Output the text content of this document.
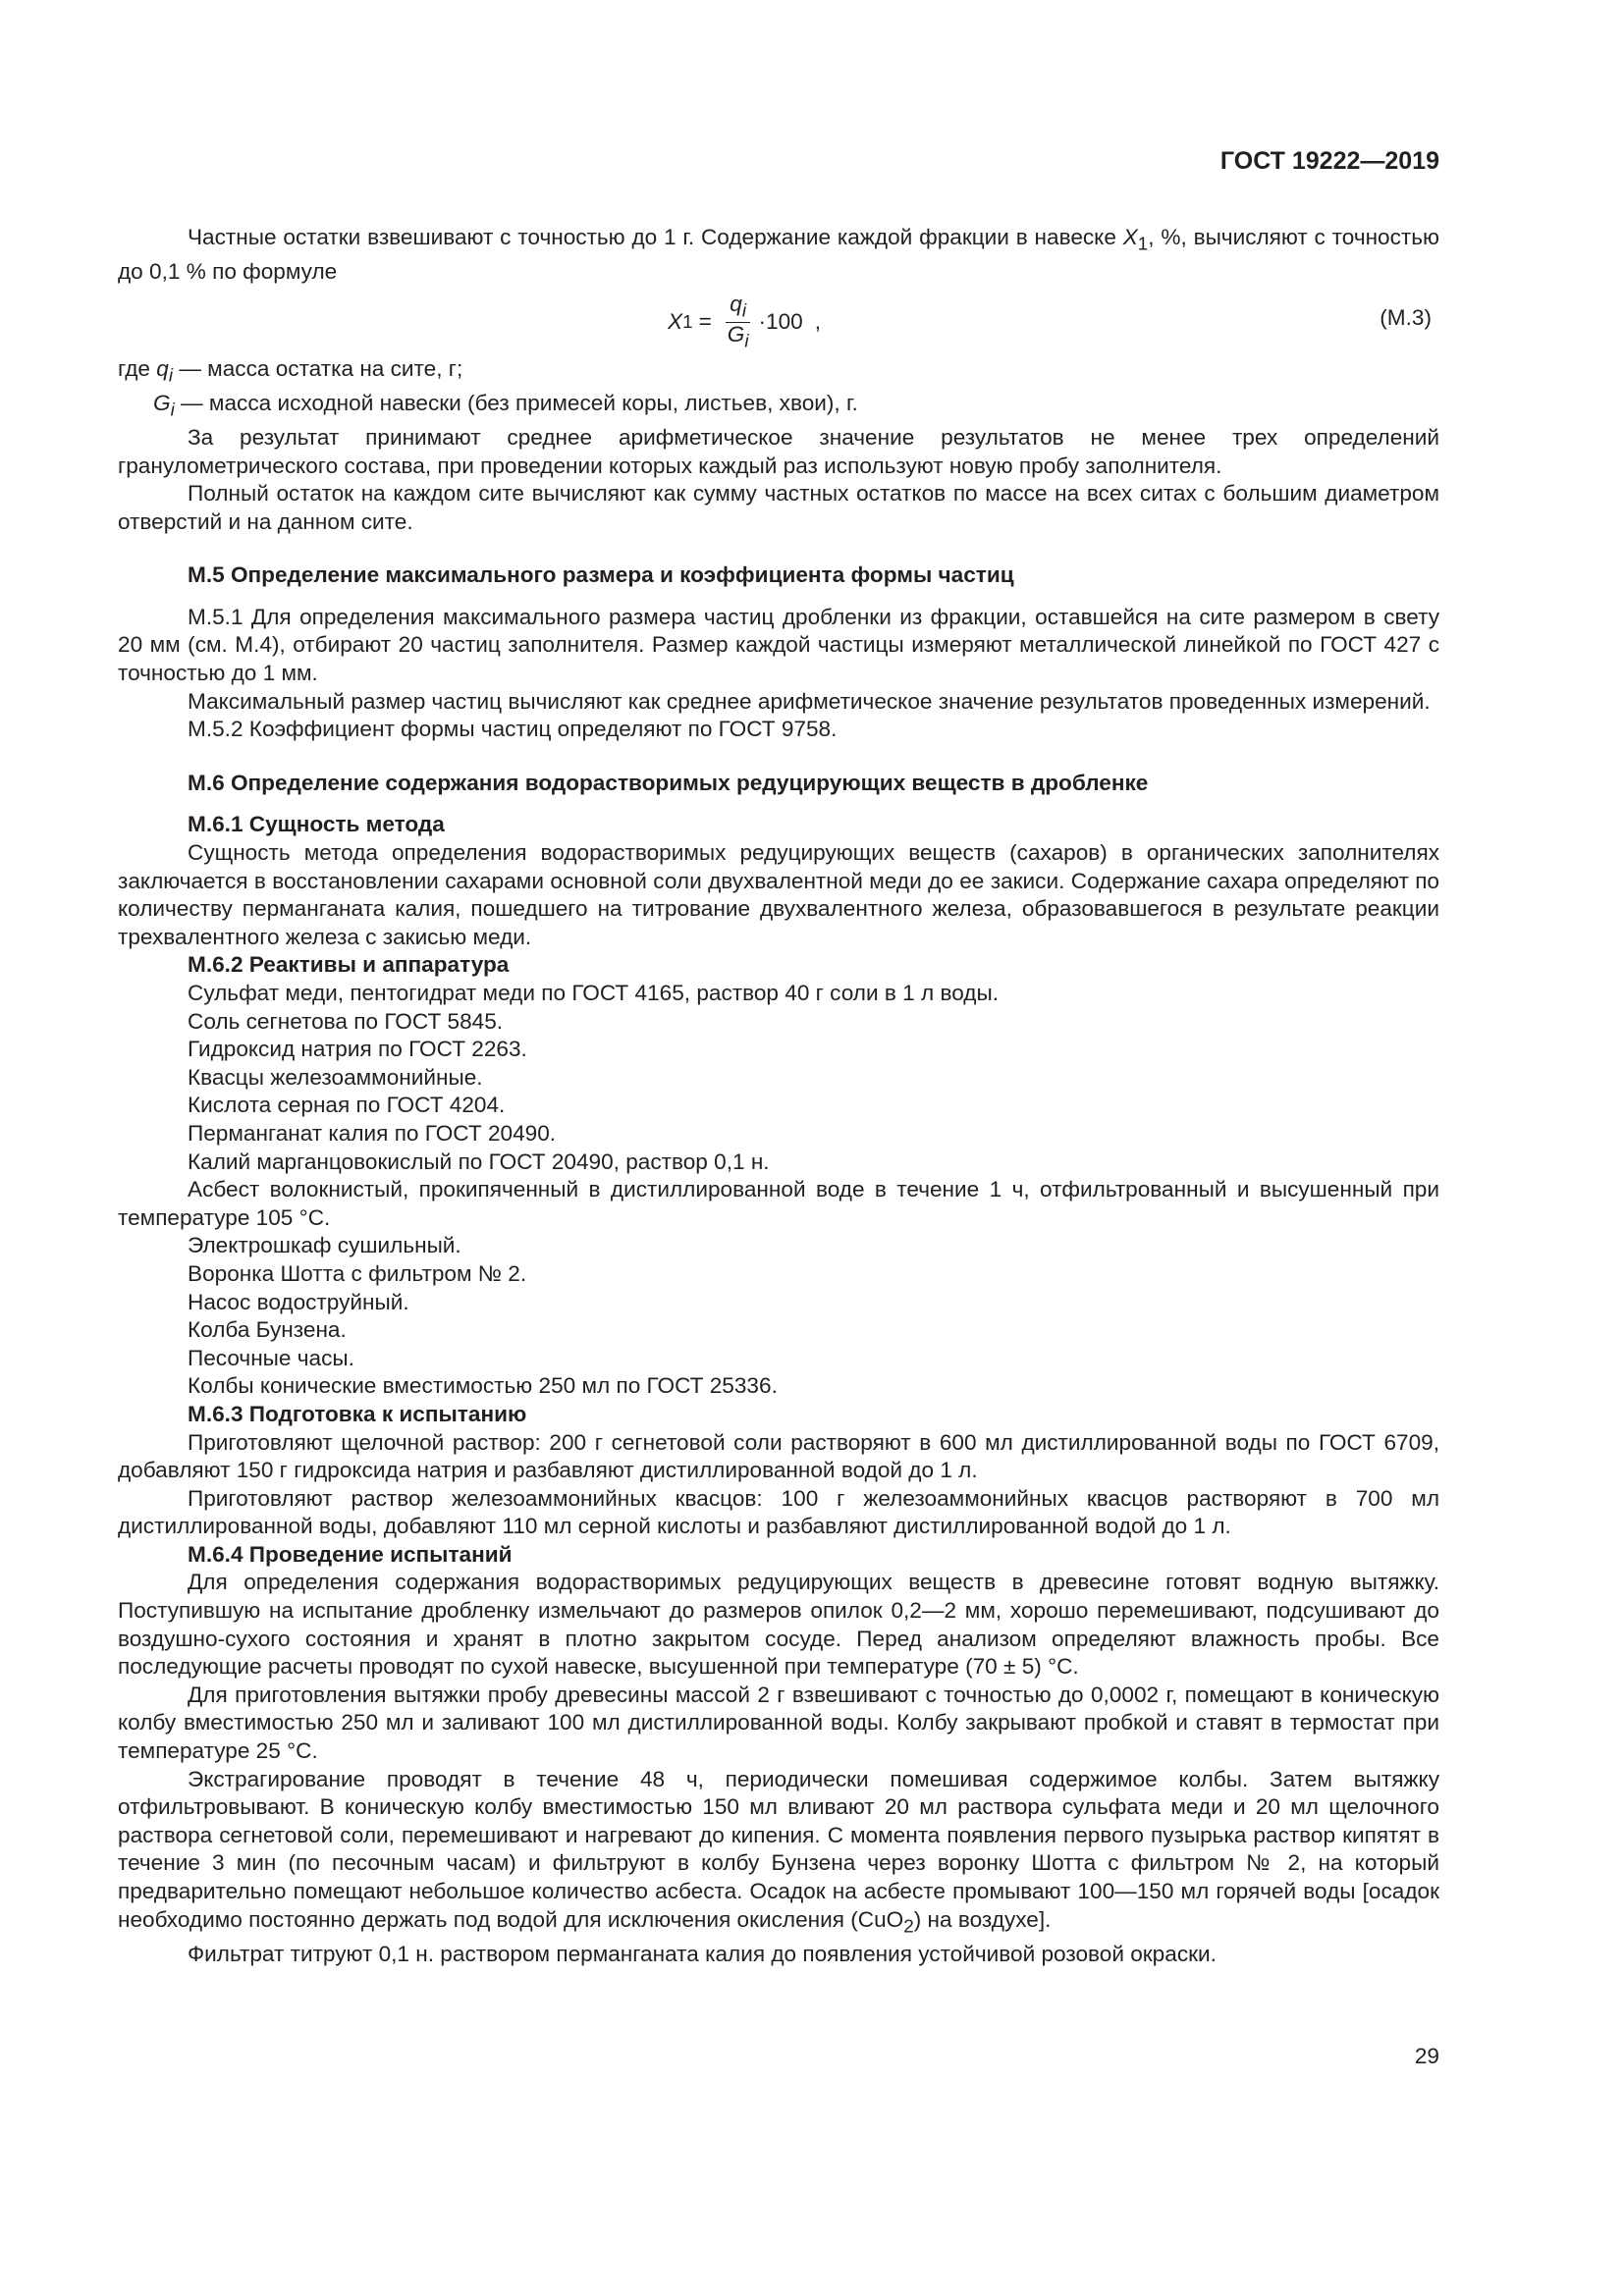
ГОСТ 19222—2019

Частные остатки взвешивают с точностью до 1 г. Содержание каждой фракции в навеске $X_1$, %, вычисляют с точностью до 0,1 % по формуле

X $1 = \frac{q_i}{G_i} \cdot 100$ ,	(М.3)

где $q_i$ — масса остатка на сите, г;

$G_i$ — масса исходной навески (без примесей коры, листьев, хвои), г.

За результат принимают среднее арифметическое значение результатов не менее трех определений гранулометрического состава, при проведении которых каждый раз используют новую пробу заполнителя.

Полный остаток на каждом сите вычисляют как сумму частных остатков по массе на всех ситах с большим диаметром отверстий и на данном сите.

М.5 Определение максимального размера и коэффициента формы частиц

М.5.1 Для определения максимального размера частиц дробленки из фракции, оставшейся на сите размером в свету 20 мм (см. М.4), отбирают 20 частиц заполнителя. Размер каждой частицы измеряют металлической линейкой по ГОСТ 427 с точностью до 1 мм.

Максимальный размер частиц вычисляют как среднее арифметическое значение результатов проведенных измерений.

М.5.2 Коэффициент формы частиц определяют по ГОСТ 9758.

М.6 Определение содержания водорастворимых редуцирующих веществ в дробленке

М.6.1 Сущность метода

Сущность метода определения водорастворимых редуцирующих веществ (сахаров) в органических заполнителях заключается в восстановлении сахарами основной соли двухвалентной меди до ее закиси. Содержание сахара определяют по количеству перманганата калия, пошедшего на титрование двухвалентного железа, образовавшегося в результате реакции трехвалентного железа с закисью меди.

М.6.2 Реактивы и аппаратура

Сульфат меди, пентогидрат меди по ГОСТ 4165, раствор 40 г соли в 1 л воды.

Соль сегнетова по ГОСТ 5845.

Гидроксид натрия по ГОСТ 2263.

Квасцы железоаммонийные.

Кислота серная по ГОСТ 4204.

Перманганат калия по ГОСТ 20490.

Калий марганцовокислый по ГОСТ 20490, раствор 0,1 н.

Асбест волокнистый, прокипяченный в дистиллированной воде в течение 1 ч, отфильтрованный и высушенный при температуре 105 °С.

Электрошкаф сушильный.

Воронка Шотта с фильтром № 2.

Насос водоструйный.

Колба Бунзена.

Песочные часы.

Колбы конические вместимостью 250 мл по ГОСТ 25336.

М.6.3 Подготовка к испытанию

Приготовляют щелочной раствор: 200 г сегнетовой соли растворяют в 600 мл дистиллированной воды по ГОСТ 6709, добавляют 150 г гидроксида натрия и разбавляют дистиллированной водой до 1 л.

Приготовляют раствор железоаммонийных квасцов: 100 г железоаммонийных квасцов растворяют в 700 мл дистиллированной воды, добавляют 110 мл серной кислоты и разбавляют дистиллированной водой до 1 л.

М.6.4 Проведение испытаний

Для определения содержания водорастворимых редуцирующих веществ в древесине готовят водную вытяжку. Поступившую на испытание дробленку измельчают до размеров опилок 0,2—2 мм, хорошо перемешивают, подсушивают до воздушно-сухого состояния и хранят в плотно закрытом сосуде. Перед анализом определяют влажность пробы. Все последующие расчеты проводят по сухой навеске, высушенной при температуре (70 ± 5) °С.

Для приготовления вытяжки пробу древесины массой 2 г взвешивают с точностью до 0,0002 г, помещают в коническую колбу вместимостью 250 мл и заливают 100 мл дистиллированной воды. Колбу закрывают пробкой и ставят в термостат при температуре 25 °С.

Экстрагирование проводят в течение 48 ч, периодически помешивая содержимое колбы. Затем вытяжку отфильтровывают. В коническую колбу вместимостью 150 мл вливают 20 мл раствора сульфата меди и 20 мл щелочного раствора сегнетовой соли, перемешивают и нагревают до кипения. С момента появления первого пузырька раствор кипятят в течение 3 мин (по песочным часам) и фильтруют в колбу Бунзена через воронку Шотта с фильтром № 2, на который предварительно помещают небольшое количество асбеста. Осадок на асбесте промывают 100—150 мл горячей воды [осадок необходимо постоянно держать под водой для исключения окисления (CuO$_2$) на воздухе].

Фильтрат титруют 0,1 н. раствором перманганата калия до появления устойчивой розовой окраски.

29
